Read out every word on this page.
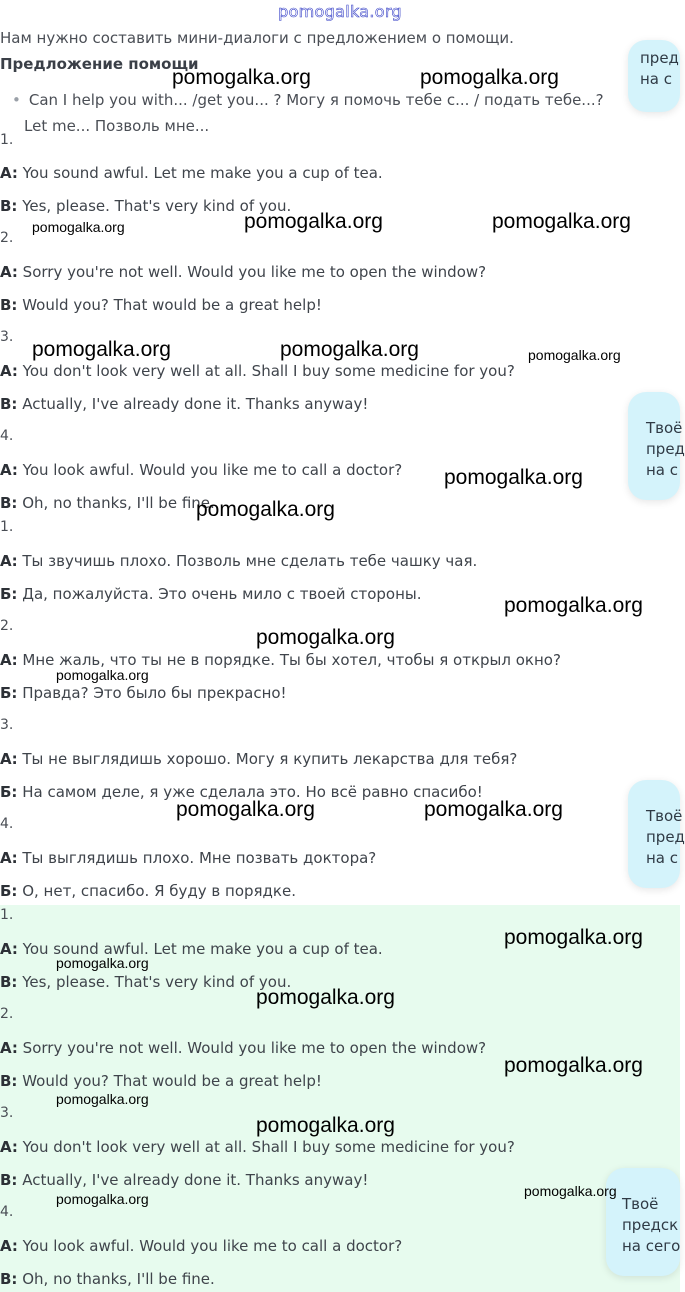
pomogalka.org
Нам нужно составить мини-диалоги с предложением о помощи.
Предложение помощи
• Can I help you with... /get you... ? Могу я помочь тебе с... / подать тебе...?
Let me... Позволь мне...
1.
A: You sound awful. Let me make you a cup of tea.
B: Yes, please. That's very kind of you.
2.
A: Sorry you're not well. Would you like me to open the window?
B: Would you? That would be a great help!
3.
A: You don't look very well at all. Shall I buy some medicine for you?
B: Actually, I've already done it. Thanks anyway!
4.
A: You look awful. Would you like me to call a doctor?
B: Oh, no thanks, I'll be fine.
1.
А: Ты звучишь плохо. Позволь мне сделать тебе чашку чая.
Б: Да, пожалуйста. Это очень мило с твоей стороны.
2.
А: Мне жаль, что ты не в порядке. Ты бы хотел, чтобы я открыл окно?
Б: Правда? Это было бы прекрасно!
3.
А: Ты не выглядишь хорошо. Могу я купить лекарства для тебя?
Б: На самом деле, я уже сделала это. Но всё равно спасибо!
4.
А: Ты выглядишь плохо. Мне позвать доктора?
Б: О, нет, спасибо. Я буду в порядке.
1.
A: You sound awful. Let me make you a cup of tea.
B: Yes, please. That's very kind of you.
2.
A: Sorry you're not well. Would you like me to open the window?
B: Would you? That would be a great help!
3.
A: You don't look very well at all. Shall I buy some medicine for you?
B: Actually, I've already done it. Thanks anyway!
4.
A: You look awful. Would you like me to call a doctor?
B: Oh, no thanks, I'll be fine.
пред
на с
Твоё
пред
на с
Твоё
пред
на с
Твоё
предск
на сего
pomogalka.org	pomogalka.org
pomogalka.org	pomogalka.org	pomogalka.org
pomogalka.org	pomogalka.org	pomogalka.org
pomogalka.org
pomogalka.org
pomogalka.org
pomogalka.org
pomogalka.org
pomogalka.org	pomogalka.org
pomogalka.org
pomogalka.org
pomogalka.org
pomogalka.org
pomogalka.org
pomogalka.org
pomogalka.org
pomogalka.org
